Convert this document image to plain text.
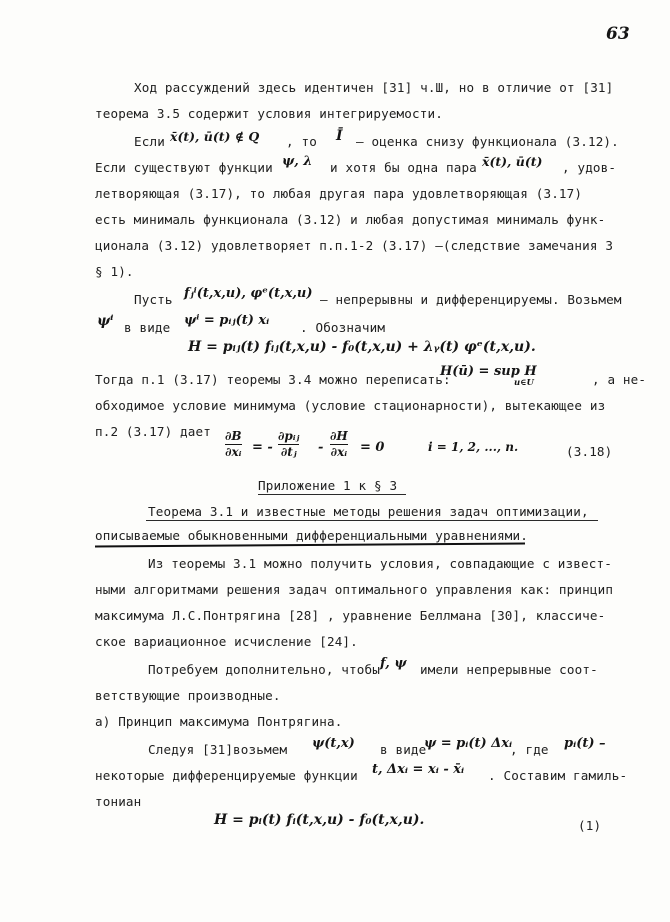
63
Ход рассуждений здесь идентичен [31] ч.Ш, но в отличие от [31]
теорема 3.5 содержит условия интегрируемости.
Если x̄(t), ū(t) ∉ Q , то Ī – оценка снизу функционала (3.12).
Если существуют функции ψ, λ и хотя бы одна пара x̄(t), ū(t) , удов-
летворяющая (3.17), то любая другая пара удовлетворяющая (3.17)
есть минималь функционала (3.12) и любая допустимая минималь функ-
ционала (3.12) удовлетворяет п.п.1-2 (3.17) –(следствие замечания 3
§ 1).
Пусть fⱼⁱ(t,x,u), φᵉ(t,x,u) – непрерывны и дифференцируемы. Возьмем
ψⁱ в виде ψⁱ = pᵢⱼ(t) xᵢ . Обозначим
H = pᵢⱼ(t) fᵢⱼ(t,x,u) - f₀(t,x,u) + λᵧ(t) φᵉ(t,x,u).
Тогда п.1 (3.17) теоремы 3.4 можно переписать:
H(ū) = sup H
u∈U	, а не-
обходимое условие минимума (условие стационарности), вытекающее из
п.2 (3.17) дает ∂B
∂xᵢ = -
∂pᵢⱼ
∂tⱼ -
∂H
∂xᵢ = 0	i = 1, 2, ..., n.	(3.18)
Приложение 1 к § 3
Теорема 3.1 и известные методы решения задач оптимизации,
описываемые обыкновенными дифференциальными уравнениями.
Из теоремы 3.1 можно получить условия, совпадающие с извест-
ными алгоритмами решения задач оптимального управления как: принцип
максимума Л.С.Понтрягина [28] , уравнение Беллмана [30], классиче-
ское вариационное исчисление [24].
Потребуем дополнительно, чтобы f, ψ имели непрерывные соот-
ветствующие производные.
а) Принцип максимума Понтрягина.
Следуя [31]возьмем ψ(t,x) в виде
ψ = pᵢ(t) Δxᵢ
, где pᵢ(t) –
некоторые дифференцируемые функции t, Δxᵢ = xᵢ - x̄ᵢ . Составим гамиль-
тониан
H = pᵢ(t) fᵢ(t,x,u) - f₀(t,x,u).	(1)
